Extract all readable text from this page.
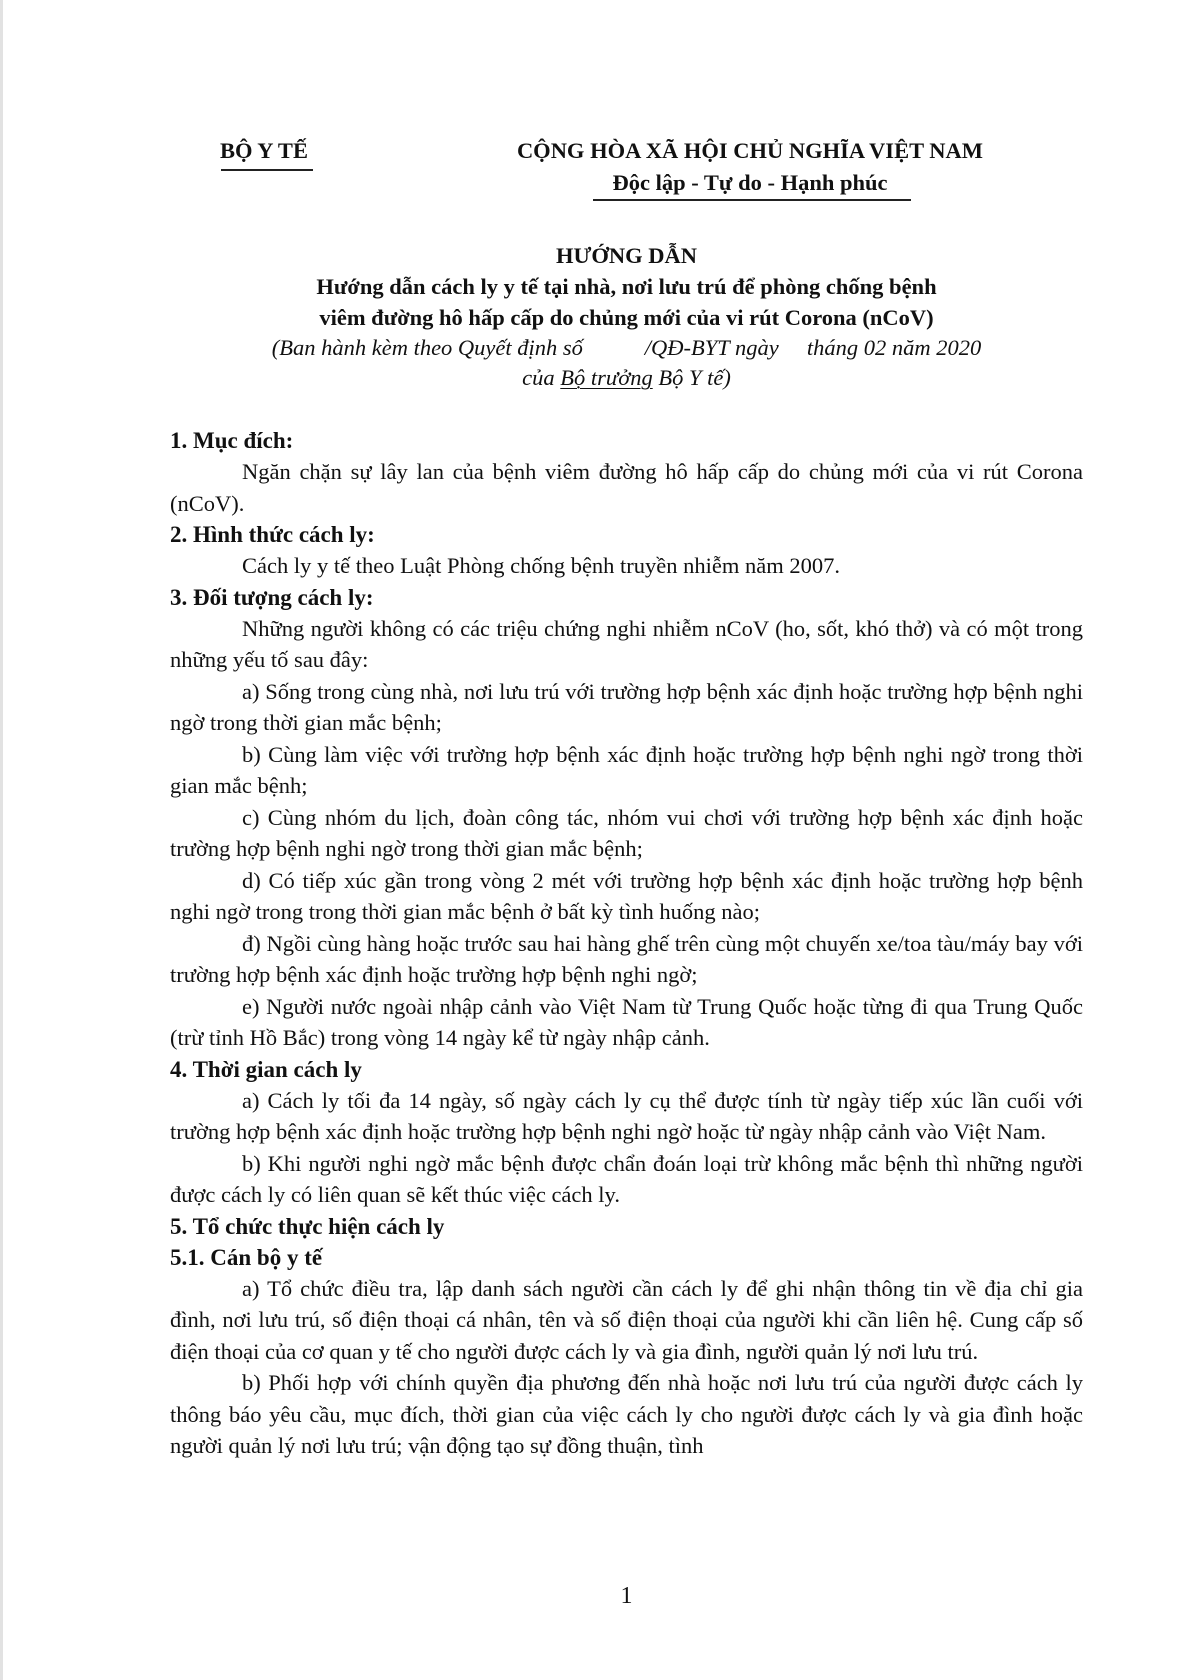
BỘ Y TẾ	CỘNG HÒA XÃ HỘI CHỦ NGHĨA VIỆT NAM

Độc lập - Tự do - Hạnh phúc

HƯỚNG DẪN

Hướng dẫn cách ly y tế tại nhà, nơi lưu trú để phòng chống bệnh

viêm đường hô hấp cấp do chủng mới của vi rút Corona (nCoV)

(Ban hành kèm theo Quyết định số           /QĐ-BYT ngày     tháng 02 năm 2020

của Bộ trưởng Bộ Y tế)

1. Mục đích:

Ngăn chặn sự lây lan của bệnh viêm đường hô hấp cấp do chủng mới của vi rút Corona (nCoV).

2. Hình thức cách ly:

Cách ly y tế theo Luật Phòng chống bệnh truyền nhiễm năm 2007.

3. Đối tượng cách ly:

Những người không có các triệu chứng nghi nhiễm nCoV (ho, sốt, khó thở) và có một trong những yếu tố sau đây:

a) Sống trong cùng nhà, nơi lưu trú với trường hợp bệnh xác định hoặc trường hợp bệnh nghi ngờ trong thời gian mắc bệnh;

b) Cùng làm việc với trường hợp bệnh xác định hoặc trường hợp bệnh nghi ngờ trong thời gian mắc bệnh;

c) Cùng nhóm du lịch, đoàn công tác, nhóm vui chơi với trường hợp bệnh xác định hoặc trường hợp bệnh nghi ngờ trong thời gian mắc bệnh;

d) Có tiếp xúc gần trong vòng 2 mét với trường hợp bệnh xác định hoặc trường hợp bệnh nghi ngờ trong trong thời gian mắc bệnh ở bất kỳ tình huống nào;

đ) Ngồi cùng hàng hoặc trước sau hai hàng ghế trên cùng một chuyến xe/toa tàu/máy bay với trường hợp bệnh xác định hoặc trường hợp bệnh nghi ngờ;

e) Người nước ngoài nhập cảnh vào Việt Nam từ Trung Quốc hoặc từng đi qua Trung Quốc (trừ tỉnh Hồ Bắc) trong vòng 14 ngày kể từ ngày nhập cảnh.

4. Thời gian cách ly

a) Cách ly tối đa 14 ngày, số ngày cách ly cụ thể được tính từ ngày tiếp xúc lần cuối với trường hợp bệnh xác định hoặc trường hợp bệnh nghi ngờ hoặc từ ngày nhập cảnh vào Việt Nam.

b) Khi người nghi ngờ mắc bệnh được chẩn đoán loại trừ không mắc bệnh thì những người được cách ly có liên quan sẽ kết thúc việc cách ly.

5. Tổ chức thực hiện cách ly

5.1. Cán bộ y tế

a) Tổ chức điều tra, lập danh sách người cần cách ly để ghi nhận thông tin về địa chỉ gia đình, nơi lưu trú, số điện thoại cá nhân, tên và số điện thoại của người khi cần liên hệ. Cung cấp số điện thoại của cơ quan y tế cho người được cách ly và gia đình, người quản lý nơi lưu trú.

b) Phối hợp với chính quyền địa phương đến nhà hoặc nơi lưu trú của người được cách ly thông báo yêu cầu, mục đích, thời gian của việc cách ly cho người được cách ly và gia đình hoặc người quản lý nơi lưu trú; vận động tạo sự đồng thuận, tình

1
